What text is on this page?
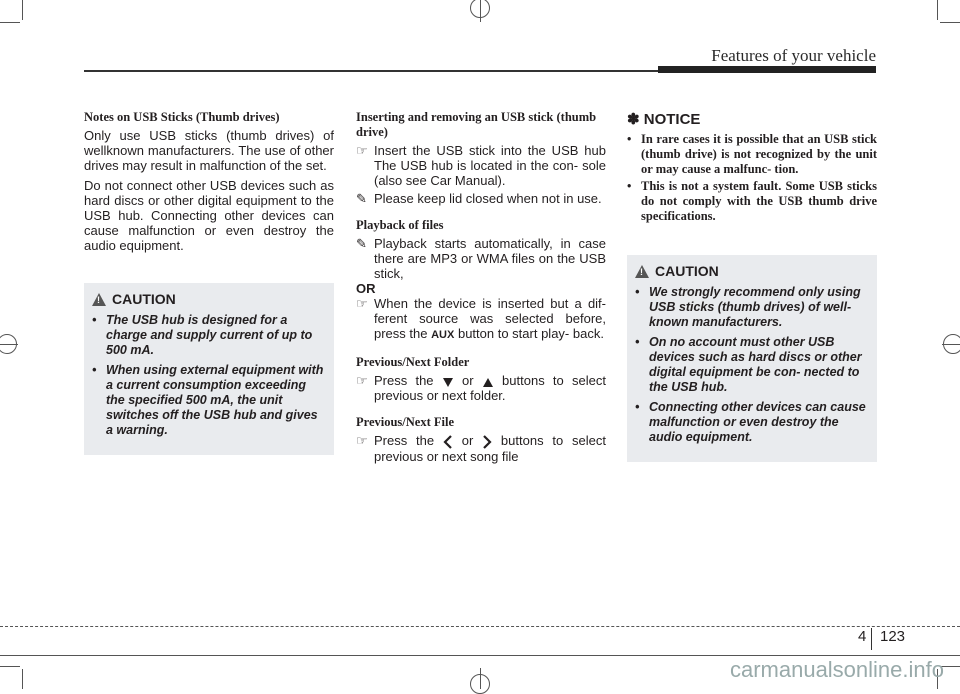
Features of your vehicle
Notes on USB Sticks (Thumb drives)

Only use USB sticks (thumb drives) of wellknown manufacturers. The use of other drives may result in malfunction of the set.

Do not connect other USB devices such as hard discs or other digital equipment to the USB hub. Connecting other devices can cause malfunction or even destroy the audio equipment.

!
CAUTION
• The USB hub is designed for a charge and supply current of up to 500 mA.
• When using external equipment with a current consumption exceeding the specified 500 mA, the unit switches off the USB hub and gives a warning.
Inserting and removing an USB stick (thumb drive)
☞ Insert the USB stick into the USB hub The USB hub is located in the con- sole (also see Car Manual).
✎ Please keep lid closed when not in use.
Playback of files
✎ Playback starts automatically, in case there are MP3 or WMA files on the USB stick,
OR
☞ When the device is inserted but a dif- ferent source was selected before, press the AUX button to start play- back.
Previous/Next Folder
☞ Press the or buttons to select previous or next folder.
Previous/Next File
☞ Press the or buttons to select previous or next song file
✽ NOTICE
• In rare cases it is possible that an USB stick (thumb drive) is not recognized by the unit or may cause a malfunc- tion.
• This is not a system fault. Some USB sticks do not comply with the USB thumb drive specifications.
!
CAUTION
• We strongly recommend only using USB sticks (thumb drives) of well-known manufacturers.
• On no account must other USB devices such as hard discs or other digital equipment be con- nected to the USB hub.
• Connecting other devices can cause malfunction or even destroy the audio equipment.
4 123
carmanualsonline.info
